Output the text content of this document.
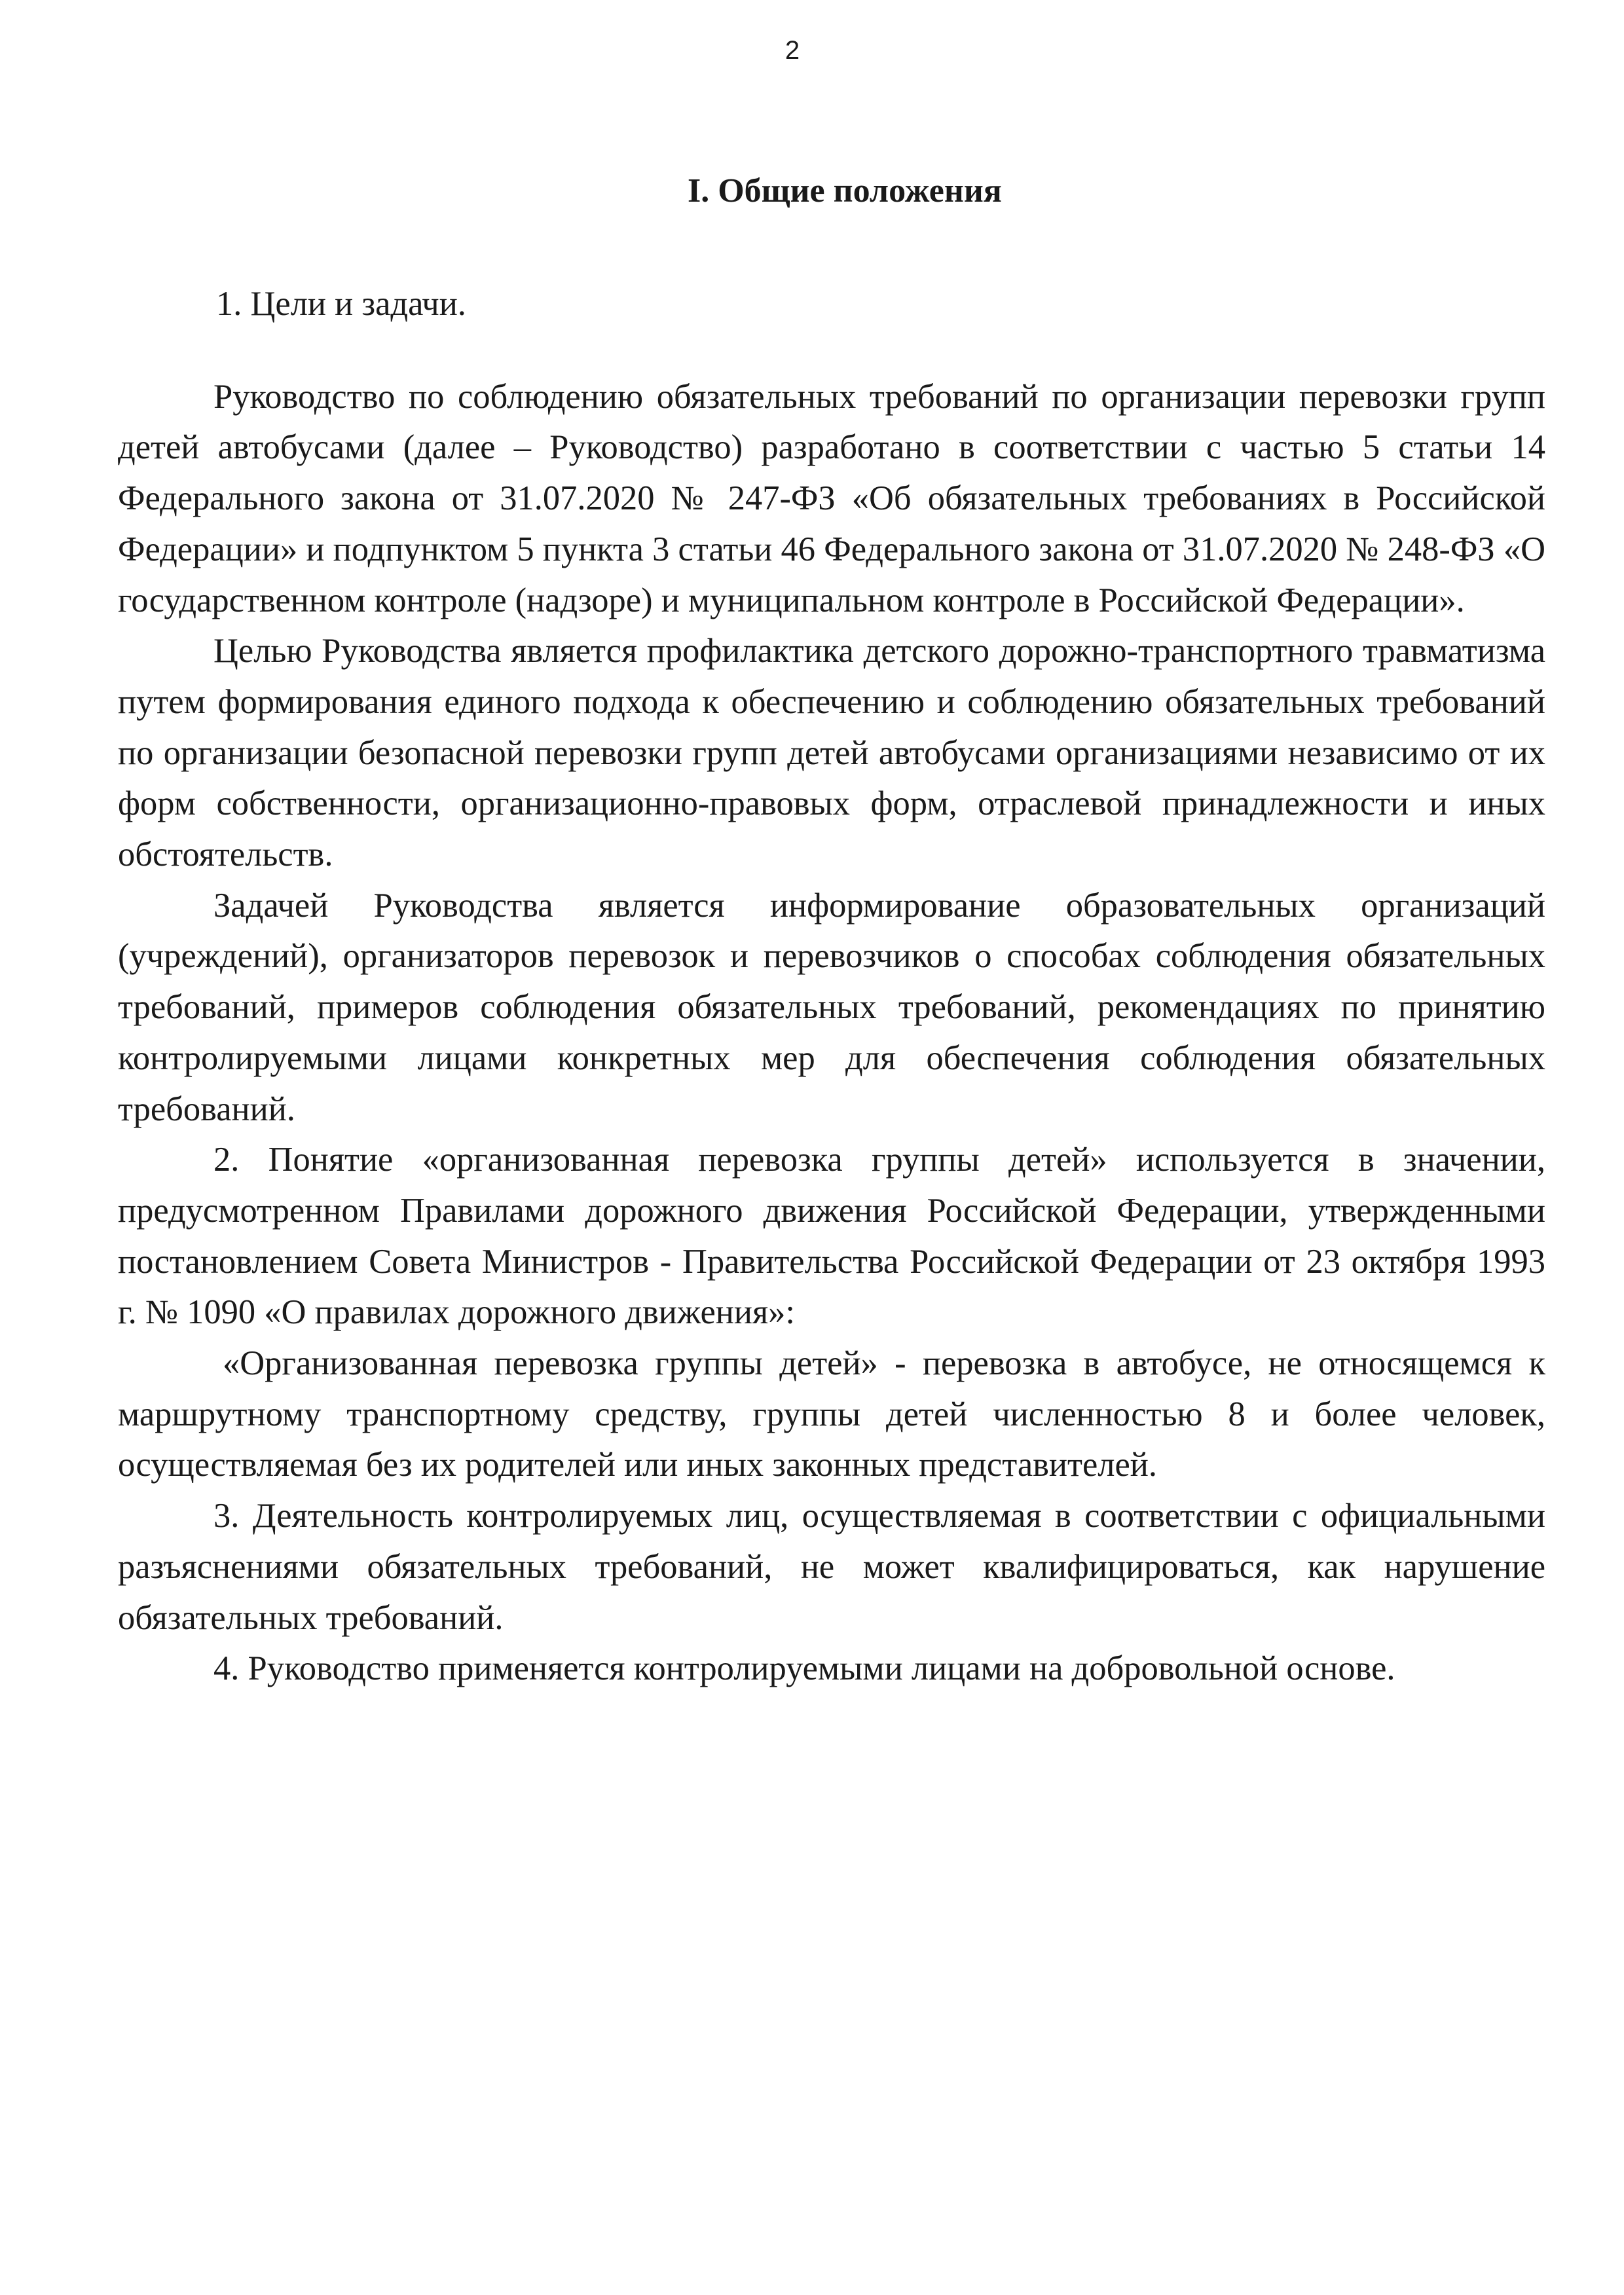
2
I. Общие положения

1. Цели и задачи.

Руководство по соблюдению обязательных требований по организации перевозки групп детей автобусами (далее – Руководство) разработано в соответствии с частью 5 статьи 14 Федерального закона от 31.07.2020 № 247-ФЗ «Об обязательных требованиях в Российской Федерации» и подпунктом 5 пункта 3 статьи 46 Федерального закона от 31.07.2020 № 248-ФЗ «О государственном контроле (надзоре) и муниципальном контроле в Российской Федерации».

Целью Руководства является профилактика детского дорожно-транспортного травматизма путем формирования единого подхода к обеспечению и соблюдению обязательных требований по организации безопасной перевозки групп детей автобусами организациями независимо от их форм собственности, организационно-правовых форм, отраслевой принадлежности и иных обстоятельств.

Задачей Руководства является информирование образовательных организаций (учреждений), организаторов перевозок и перевозчиков о способах соблюдения обязательных требований, примеров соблюдения обязательных требований, рекомендациях по принятию контролируемыми лицами конкретных мер для обеспечения соблюдения обязательных требований.

2. Понятие «организованная перевозка группы детей» используется в значении, предусмотренном Правилами дорожного движения Российской Федерации, утвержденными постановлением Совета Министров - Правительства Российской Федерации от 23 октября 1993 г. № 1090 «О правилах дорожного движения»:

«Организованная перевозка группы детей» - перевозка в автобусе, не относящемся к маршрутному транспортному средству, группы детей численностью 8 и более человек, осуществляемая без их родителей или иных законных представителей.

3. Деятельность контролируемых лиц, осуществляемая в соответствии с официальными разъяснениями обязательных требований, не может квалифицироваться, как нарушение обязательных требований.

4. Руководство применяется контролируемыми лицами на добровольной основе.
